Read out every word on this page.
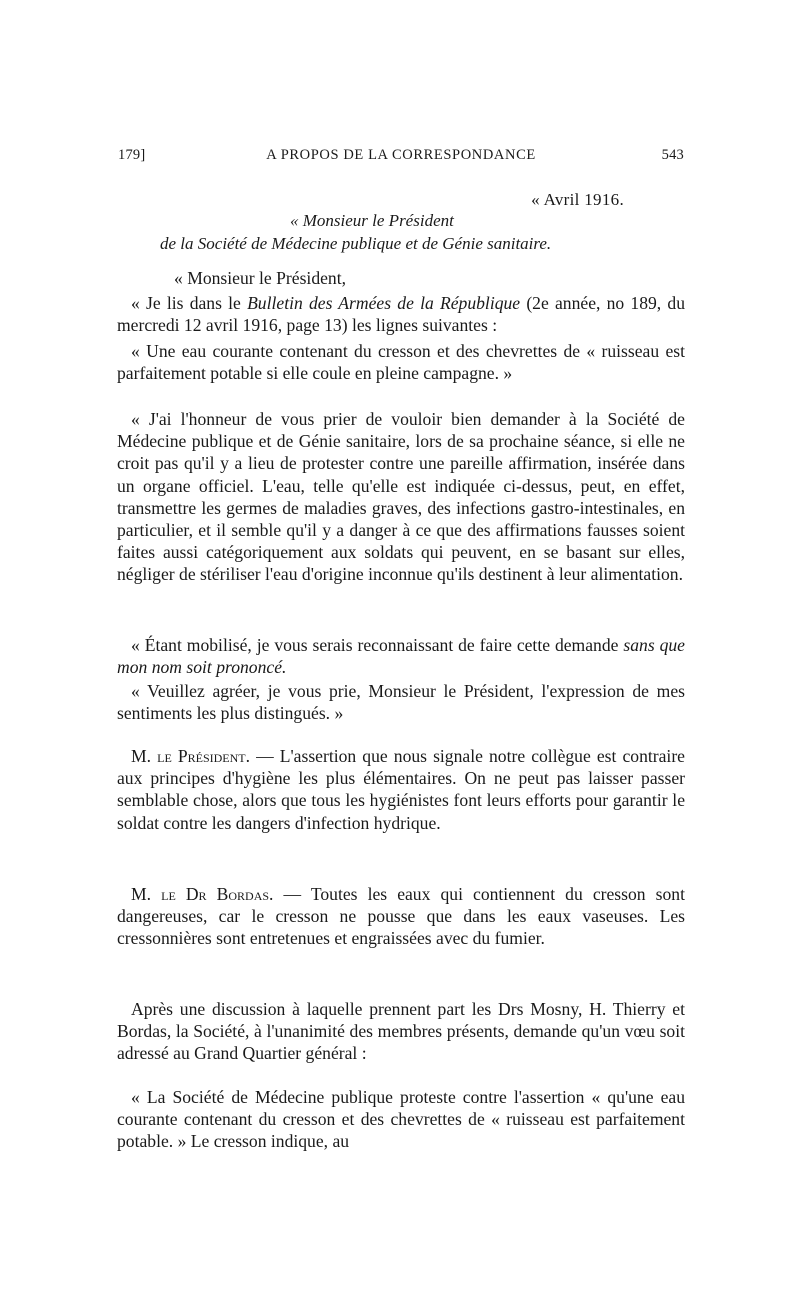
179]	A PROPOS DE LA CORRESPONDANCE	543
« Avril 1916.
« Monsieur le Président
de la Société de Médecine publique et de Génie sanitaire.

« Monsieur le Président,

« Je lis dans le Bulletin des Armées de la République (2e année, no 189, du mercredi 12 avril 1916, page 13) les lignes suivantes :

« Une eau courante contenant du cresson et des chevrettes de « ruisseau est parfaitement potable si elle coule en pleine campagne. »

« J'ai l'honneur de vous prier de vouloir bien demander à la Société de Médecine publique et de Génie sanitaire, lors de sa prochaine séance, si elle ne croit pas qu'il y a lieu de protester contre une pareille affirmation, insérée dans un organe officiel. L'eau, telle qu'elle est indiquée ci-dessus, peut, en effet, transmettre les germes de maladies graves, des infections gastro-intestinales, en particulier, et il semble qu'il y a danger à ce que des affirmations fausses soient faites aussi catégoriquement aux soldats qui peuvent, en se basant sur elles, négliger de stériliser l'eau d'origine inconnue qu'ils destinent à leur alimentation.

« Étant mobilisé, je vous serais reconnaissant de faire cette demande sans que mon nom soit prononcé.

« Veuillez agréer, je vous prie, Monsieur le Président, l'expression de mes sentiments les plus distingués. »

M. le Président. — L'assertion que nous signale notre collègue est contraire aux principes d'hygiène les plus élémentaires. On ne peut pas laisser passer semblable chose, alors que tous les hygiénistes font leurs efforts pour garantir le soldat contre les dangers d'infection hydrique.

M. le Dr Bordas. — Toutes les eaux qui contiennent du cresson sont dangereuses, car le cresson ne pousse que dans les eaux vaseuses. Les cressonnières sont entretenues et engraissées avec du fumier.

Après une discussion à laquelle prennent part les Drs Mosny, H. Thierry et Bordas, la Société, à l'unanimité des membres présents, demande qu'un vœu soit adressé au Grand Quartier général :

« La Société de Médecine publique proteste contre l'assertion « qu'une eau courante contenant du cresson et des chevrettes de « ruisseau est parfaitement potable. » Le cresson indique, au
